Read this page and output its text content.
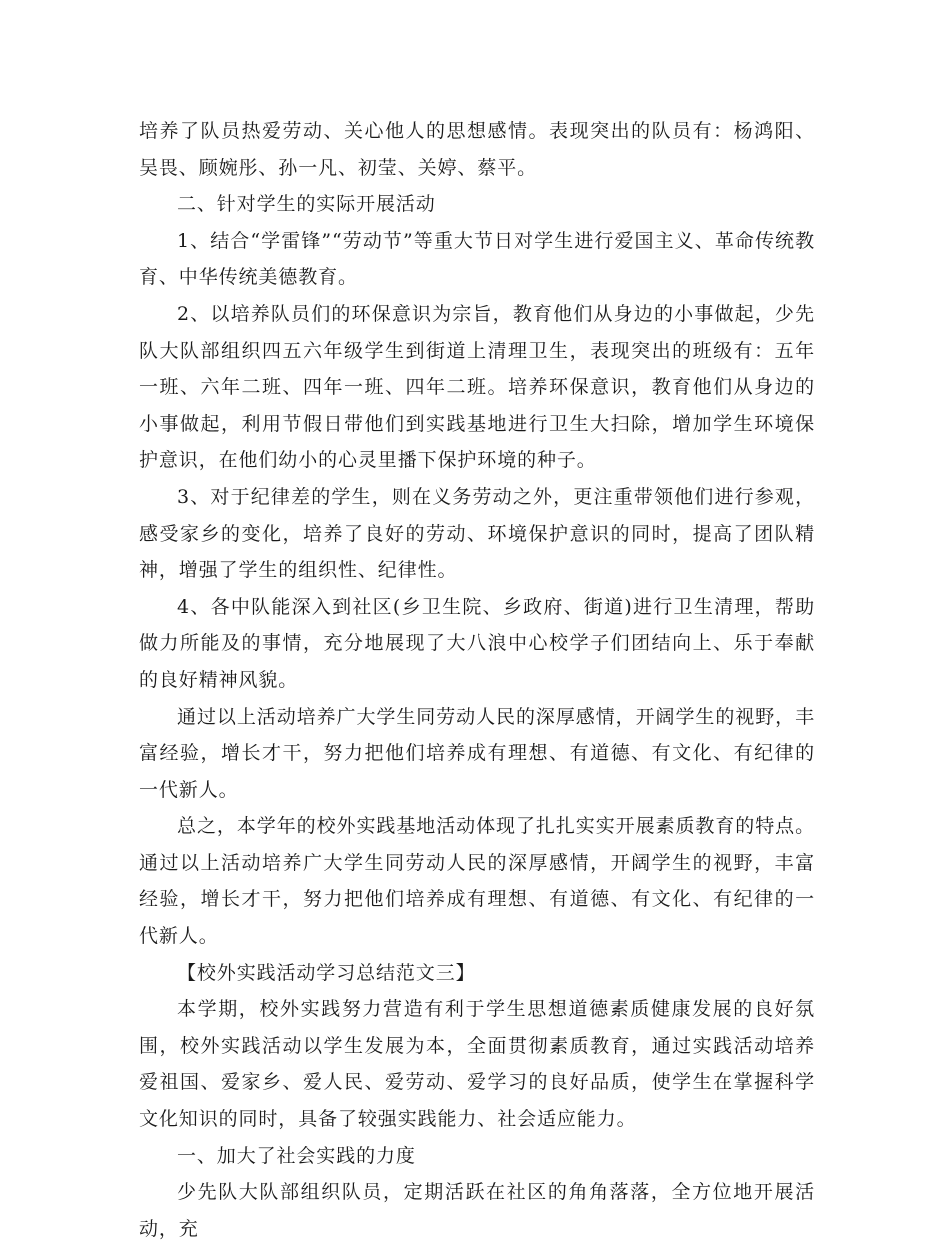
培养了队员热爱劳动、关心他人的思想感情。表现突出的队员有：杨鸿阳、吴畏、顾婉彤、孙一凡、初莹、关婷、蔡平。

二、针对学生的实际开展活动

1、结合“学雷锋”“劳动节”等重大节日对学生进行爱国主义、革命传统教育、中华传统美德教育。

2、以培养队员们的环保意识为宗旨，教育他们从身边的小事做起，少先队大队部组织四五六年级学生到街道上清理卫生，表现突出的班级有：五年一班、六年二班、四年一班、四年二班。培养环保意识，教育他们从身边的小事做起，利用节假日带他们到实践基地进行卫生大扫除，增加学生环境保护意识，在他们幼小的心灵里播下保护环境的种子。

3、对于纪律差的学生，则在义务劳动之外，更注重带领他们进行参观，感受家乡的变化，培养了良好的劳动、环境保护意识的同时，提高了团队精神，增强了学生的组织性、纪律性。

4、各中队能深入到社区(乡卫生院、乡政府、街道)进行卫生清理，帮助做力所能及的事情，充分地展现了大八浪中心校学子们团结向上、乐于奉献的良好精神风貌。

通过以上活动培养广大学生同劳动人民的深厚感情，开阔学生的视野，丰富经验，增长才干，努力把他们培养成有理想、有道德、有文化、有纪律的一代新人。

总之，本学年的校外实践基地活动体现了扎扎实实开展素质教育的特点。通过以上活动培养广大学生同劳动人民的深厚感情，开阔学生的视野，丰富经验，增长才干，努力把他们培养成有理想、有道德、有文化、有纪律的一代新人。

【校外实践活动学习总结范文三】

本学期，校外实践努力营造有利于学生思想道德素质健康发展的良好氛围，校外实践活动以学生发展为本，全面贯彻素质教育，通过实践活动培养爱祖国、爱家乡、爱人民、爱劳动、爱学习的良好品质，使学生在掌握科学文化知识的同时，具备了较强实践能力、社会适应能力。

一、加大了社会实践的力度

少先队大队部组织队员，定期活跃在社区的角角落落，全方位地开展活动，充
